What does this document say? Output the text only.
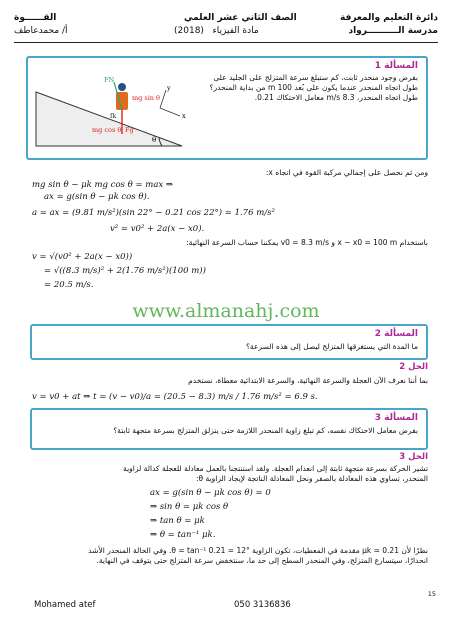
دائرة التعليم والمعرفة
مدرسة الــــــــــرواد
الصف الثاني عشر العلمي
(2018) مادة الفيزياء
القــــــوة
أ/ محمدعاطف
المسألة 1
بفرض وجود منحدر ثابت، كم ستبلغ سرعة المتزلج على الجليد على طول اتجاه المنحدر عندما يكون على بُعد 100 m من بداية المنحدر؟ طول اتجاه المنحدر، 8.3 m/s معامل الاحتكاك 0.21.
θ
Fg
FN
mg cos θ
mg sin θ
fk	x
y
ومن ثم نحصل على إجمالي مركبة القوة في اتجاه x:
mg sin θ − μk mg cos θ = max ⇒
ax = g(sin θ − μk cos θ).
a = ax = (9.81 m/s²)(sin 22° − 0.21 cos 22°) = 1.76 m/s²
v² = v0² + 2a(x − x0).
باستخدام x − x0 = 100 m و v0 = 8.3 m/s يمكننا حساب السرعة النهائية:
v = √(v0² + 2a(x − x0))
= √((8.3 m/s)² + 2(1.76 m/s²)(100 m))
= 20.5 m/s.
www.almanahj.com
المسألة 2
ما المدة التي يستغرقها المتزلج ليصل إلى هذه السرعة؟
الحل 2
بما أننا نعرف الآن العجلة والسرعة النهائية، والسرعة الابتدائية معطاة، نستخدم
v = v0 + at ⇒ t = (v − v0)/a = (20.5 − 8.3) m/s / 1.76 m/s² = 6.9 s.
المسألة 3
بفرض معامل الاحتكاك نفسه، كم تبلغ زاوية المنحدر اللازمة حتى ينزلق المتزلج بسرعة متجهة ثابتة؟
الحل 3
تشير الحركة بسرعة متجهة ثابتة إلى انعدام العجلة. ولقد استنتجنا بالعمل معادلة للعجلة كدالة لزاوية
المنحدر، تساوي هذه المعادلة بالصفر ونحل المعادلة الناتجة لإيجاد الزاوية θ:
ax = g(sin θ − μk cos θ) = 0
⇒ sin θ = μk cos θ
⇒ tan θ = μk
⇒ θ = tan⁻¹ μk.
نظرًا لأن μk = 0.21 مقدمة في المعطيات، تكون الزاوية θ = tan⁻¹ 0.21 = 12°. وفي الحالة المنحدر الأشد
انحدارًا، سيتسارع المتزلج، وفي المنحدر السطح إلى حد ما، سنتخفض سرعة المتزلج حتى يتوقف في النهاية.
15
Mohamed atef	050 3136836
